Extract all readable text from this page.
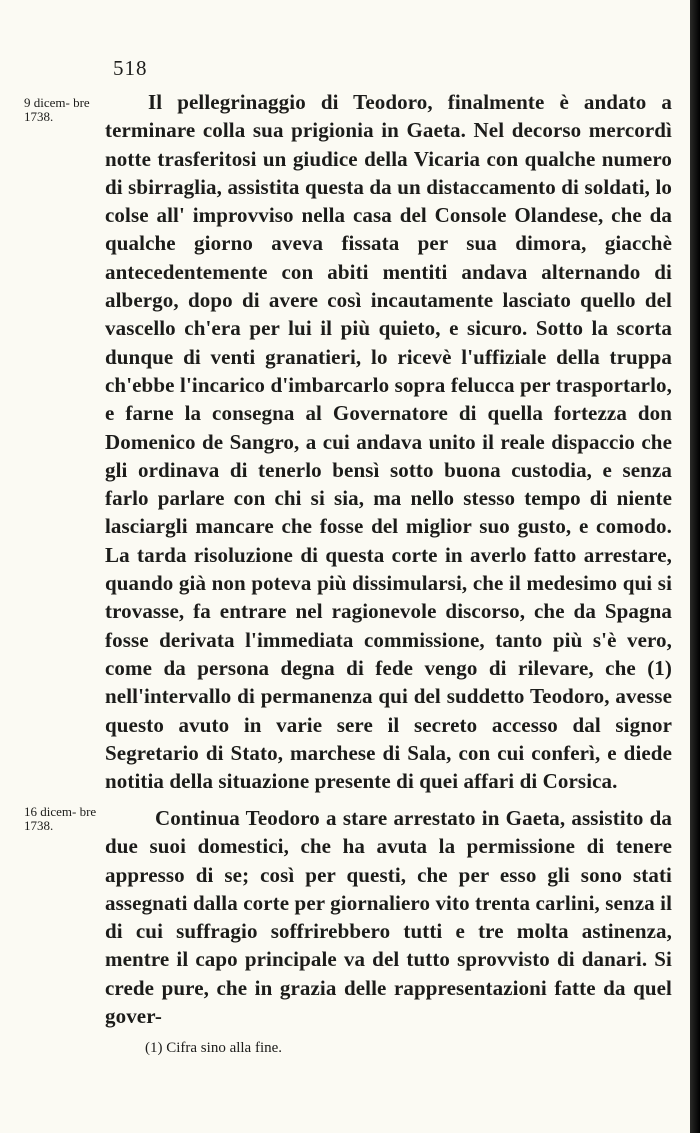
518
9 dicem- bre 1738.
Il pellegrinaggio di Teodoro, finalmente è andato a terminare colla sua prigionia in Gaeta. Nel decorso mercordì notte trasferitosi un giudice della Vicaria con qualche numero di sbirraglia, assistita questa da un distaccamento di soldati, lo colse all' improvviso nella casa del Console Olandese, che da qualche giorno aveva fissata per sua dimora, giacchè antecedentemente con abiti mentiti andava alternando di albergo, dopo di avere così incautamente lasciato quello del vascello ch'era per lui il più quieto, e sicuro. Sotto la scorta dunque di venti granatieri, lo ricevè l'uffiziale della truppa ch'ebbe l'incarico d'imbarcarlo sopra felucca per trasportarlo, e farne la consegna al Governatore di quella fortezza don Domenico de Sangro, a cui andava unito il reale dispaccio che gli ordinava di tenerlo bensì sotto buona custodia, e senza farlo parlare con chi si sia, ma nello stesso tempo di niente lasciargli mancare che fosse del miglior suo gusto, e comodo. La tarda risoluzione di questa corte in averlo fatto arrestare, quando già non poteva più dissimularsi, che il medesimo qui si trovasse, fa entrare nel ragionevole discorso, che da Spagna fosse derivata l'immediata commissione, tanto più s'è vero, come da persona degna di fede vengo di rilevare, che (1) nell'intervallo di permanenza qui del suddetto Teodoro, avesse questo avuto in varie sere il secreto accesso dal signor Segretario di Stato, marchese di Sala, con cui conferì, e diede notitia della situazione presente di quei affari di Corsica.
16 dicem- bre 1738.	Continua Teodoro a stare arrestato in Gaeta, assistito da due suoi domestici, che ha avuta la permissione di tenere appresso di se; così per questi, che per esso gli sono stati assegnati dalla corte per giornaliero vito trenta carlini, senza il di cui suffragio soffrirebbero tutti e tre molta astinenza, mentre il capo principale va del tutto sprovvisto di danari. Si crede pure, che in grazia delle rappresentazioni fatte da quel gover-
(1) Cifra sino alla fine.
